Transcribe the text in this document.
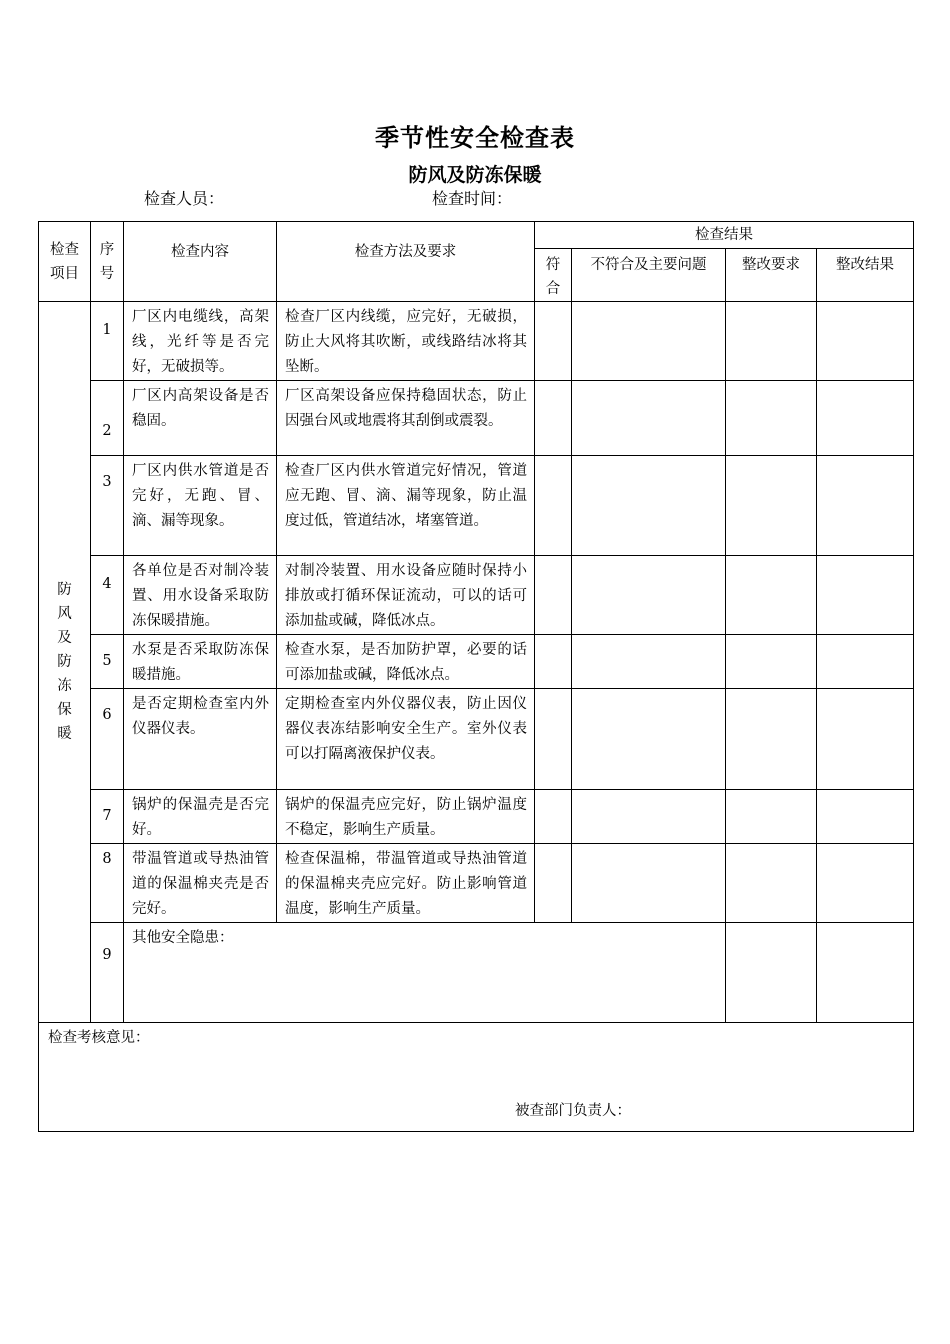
季节性安全检查表
防风及防冻保暖
检查人员：	检查时间：
检查项目	序号	检查内容	检查方法及要求	检查结果			

				符合	不符合及主要问题	整改要求	整改结果

防风及防冻保暖	1	厂区内电缆线，高架线，光纤等是否完好，无破损等。	检查厂区内线缆，应完好，无破损，防止大风将其吹断，或线路结冰将其坠断。				
	2	厂区内高架设备是否稳固。	厂区高架设备应保持稳固状态，防止因强台风或地震将其刮倒或震裂。				
	3	厂区内供水管道是否完好，无跑、冒、滴、漏等现象。	检查厂区内供水管道完好情况，管道应无跑、冒、滴、漏等现象，防止温度过低，管道结冰，堵塞管道。				
	4	各单位是否对制冷装置、用水设备采取防冻保暖措施。	对制冷装置、用水设备应随时保持小排放或打循环保证流动，可以的话可添加盐或碱，降低冰点。				
	5	水泵是否采取防冻保暖措施。	检查水泵，是否加防护罩，必要的话可添加盐或碱，降低冰点。				
	6	是否定期检查室内外仪器仪表。	定期检查室内外仪器仪表，防止因仪器仪表冻结影响安全生产。室外仪表可以打隔离液保护仪表。				
	7	锅炉的保温壳是否完好。	锅炉的保温壳应完好，防止锅炉温度不稳定，影响生产质量。				
	8	带温管道或导热油管道的保温棉夹壳是否完好。	检查保温棉，带温管道或导热油管道的保温棉夹壳应完好。防止影响管道温度，影响生产质量。				
	9	其他安全隐患：					

检查考核意见：
被查部门负责人：							
